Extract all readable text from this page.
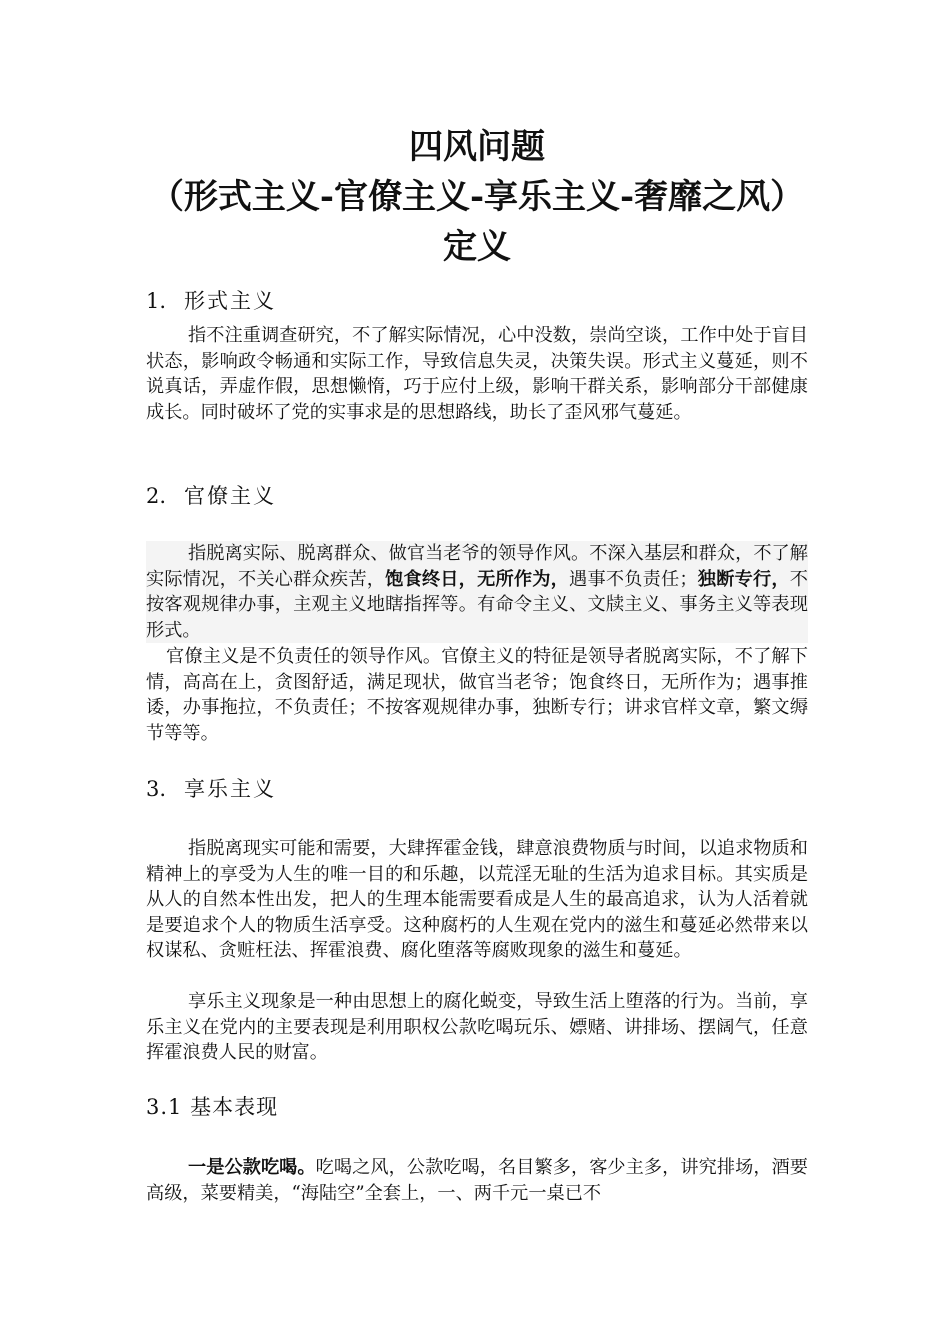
四风问题

（形式主义-官僚主义-享乐主义-奢靡之风）

定义

1. 形式主义

指不注重调查研究，不了解实际情况，心中没数，崇尚空谈，工作中处于盲目状态，影响政令畅通和实际工作，导致信息失灵，决策失误。形式主义蔓延，则不说真话，弄虚作假，思想懒惰，巧于应付上级，影响干群关系，影响部分干部健康成长。同时破坏了党的实事求是的思想路线，助长了歪风邪气蔓延。

2. 官僚主义

指脱离实际、脱离群众、做官当老爷的领导作风。不深入基层和群众，不了解实际情况，不关心群众疾苦，饱食终日，无所作为，遇事不负责任；独断专行，不按客观规律办事，主观主义地瞎指挥等。有命令主义、文牍主义、事务主义等表现形式。

官僚主义是不负责任的领导作风。官僚主义的特征是领导者脱离实际，不了解下情，高高在上，贪图舒适，满足现状，做官当老爷；饱食终日，无所作为；遇事推诿，办事拖拉，不负责任；不按客观规律办事，独断专行；讲求官样文章，繁文缛节等等。

3. 享乐主义

指脱离现实可能和需要，大肆挥霍金钱，肆意浪费物质与时间，以追求物质和精神上的享受为人生的唯一目的和乐趣，以荒淫无耻的生活为追求目标。其实质是从人的自然本性出发，把人的生理本能需要看成是人生的最高追求，认为人活着就是要追求个人的物质生活享受。这种腐朽的人生观在党内的滋生和蔓延必然带来以权谋私、贪赃枉法、挥霍浪费、腐化堕落等腐败现象的滋生和蔓延。

享乐主义现象是一种由思想上的腐化蜕变，导致生活上堕落的行为。当前，享乐主义在党内的主要表现是利用职权公款吃喝玩乐、嫖赌、讲排场、摆阔气，任意挥霍浪费人民的财富。

3.1 基本表现

一是公款吃喝。吃喝之风，公款吃喝，名目繁多，客少主多，讲究排场，酒要高级，菜要精美，“海陆空”全套上，一、两千元一桌已不
